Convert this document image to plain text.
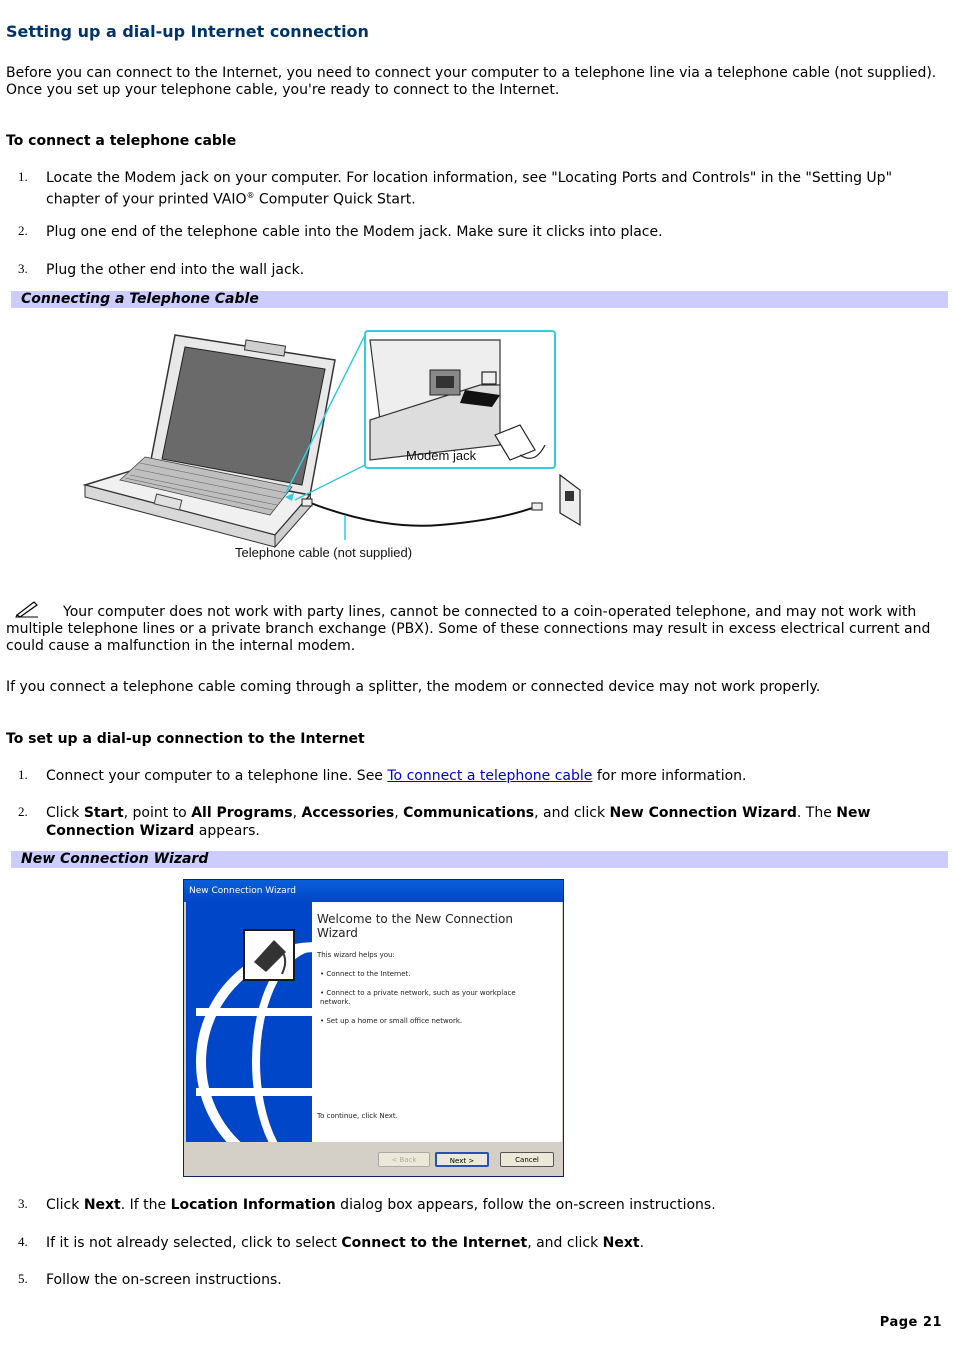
Setting up a dial-up Internet connection

Before you can connect to the Internet, you need to connect your computer to a telephone line via a telephone cable (not supplied). Once you set up your telephone cable, you're ready to connect to the Internet.

To connect a telephone cable
1. Locate the Modem jack on your computer. For location information, see "Locating Ports and Controls" in the "Setting Up" chapter of your printed VAIO® Computer Quick Start.
2. Plug one end of the telephone cable into the Modem jack. Make sure it clicks into place.
3. Plug the other end into the wall jack.
Connecting a Telephone Cable
Modem jack
Telephone cable (not supplied)

Your computer does not work with party lines, cannot be connected to a coin-operated telephone, and may not work with multiple telephone lines or a private branch exchange (PBX). Some of these connections may result in excess electrical current and could cause a malfunction in the internal modem.

If you connect a telephone cable coming through a splitter, the modem or connected device may not work properly.

To set up a dial-up connection to the Internet
1. Connect your computer to a telephone line. See To connect a telephone cable for more information.
2. Click Start, point to All Programs, Accessories, Communications, and click New Connection Wizard. The New Connection Wizard appears.
New Connection Wizard
New Connection Wizard
Welcome to the New Connection Wizard
This wizard helps you:
• Connect to the Internet.
• Connect to a private network, such as your workplace network.
• Set up a home or small office network.
To continue, click Next.
< Back	Next >	Cancel
3. Click Next. If the Location Information dialog box appears, follow the on-screen instructions.
4. If it is not already selected, click to select Connect to the Internet, and click Next.
5. Follow the on-screen instructions.
Page 21
